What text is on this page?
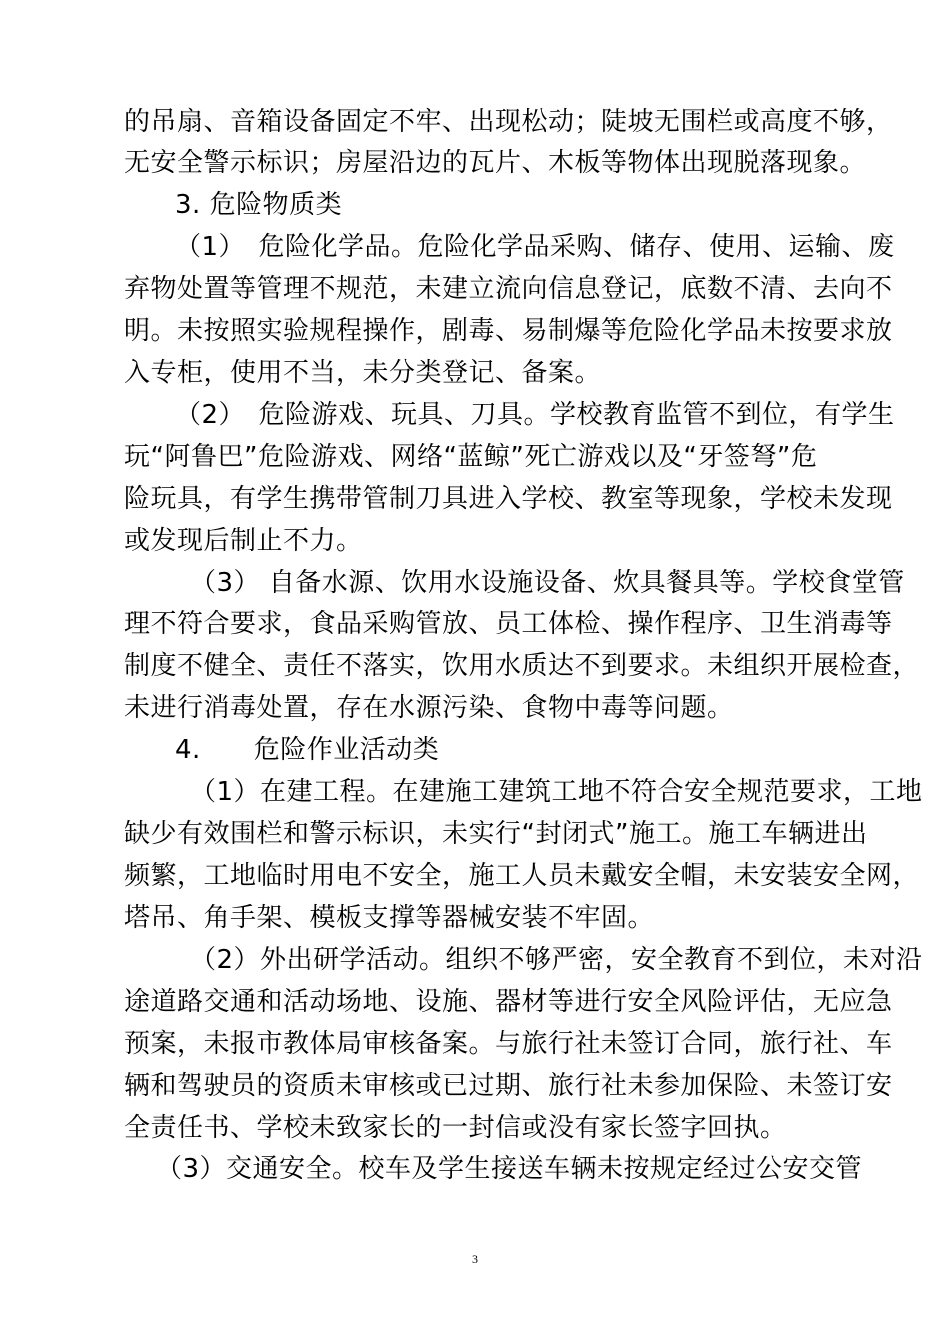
的吊扇、音箱设备固定不牢、出现松动；陡坡无围栏或高度不够，
无安全警示标识；房屋沿边的瓦片、木板等物体出现脱落现象。
3. 危险物质类
（1）　危险化学品。危险化学品采购、储存、使用、运输、废
弃物处置等管理不规范，未建立流向信息登记，底数不清、去向不
明。未按照实验规程操作，剧毒、易制爆等危险化学品未按要求放
入专柜，使用不当，未分类登记、备案。
（2）　危险游戏、玩具、刀具。学校教育监管不到位，有学生
玩“阿鲁巴”危险游戏、网络“蓝鲸”死亡游戏以及“牙签弩”危
险玩具，有学生携带管制刀具进入学校、教室等现象，学校未发现
或发现后制止不力。
（3） 自备水源、饮用水设施设备、炊具餐具等。学校食堂管
理不符合要求，食品采购管放、员工体检、操作程序、卫生消毒等
制度不健全、责任不落实，饮用水质达不到要求。未组织开展检查，
未进行消毒处置，存在水源污染、食物中毒等问题。
4.　　危险作业活动类
（1）在建工程。在建施工建筑工地不符合安全规范要求，工地
缺少有效围栏和警示标识，未实行“封闭式”施工。施工车辆进出
频繁，工地临时用电不安全，施工人员未戴安全帽，未安装安全网，
塔吊、角手架、模板支撑等器械安装不牢固。
（2）外出研学活动。组织不够严密，安全教育不到位，未对沿
途道路交通和活动场地、设施、器材等进行安全风险评估，无应急
预案，未报市教体局审核备案。与旅行社未签订合同，旅行社、车
辆和驾驶员的资质未审核或已过期、旅行社未参加保险、未签订安
全责任书、学校未致家长的一封信或没有家长签字回执。
（3）交通安全。校车及学生接送车辆未按规定经过公安交管
3
